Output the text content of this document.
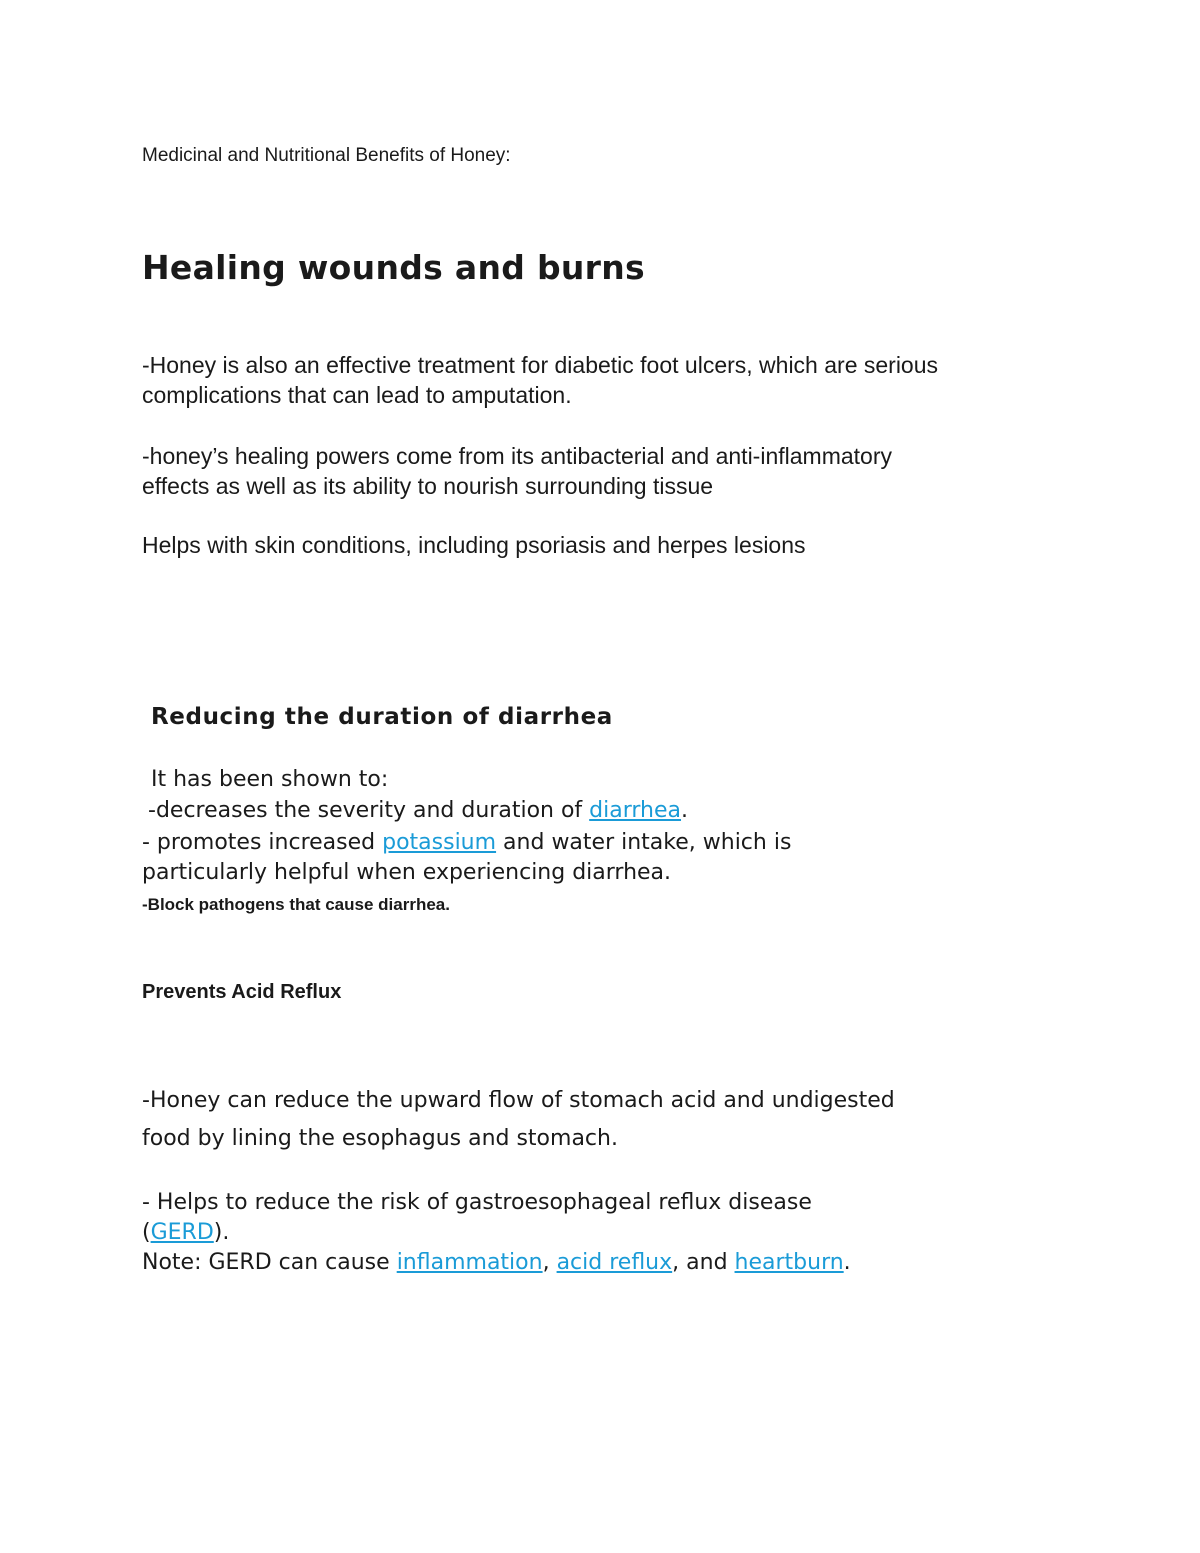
Medicinal and Nutritional Benefits of Honey:
Healing wounds and burns
-Honey is also an effective treatment for diabetic foot ulcers, which are serious
complications that can lead to amputation.
-honey’s healing powers come from its antibacterial and anti-inflammatory
effects as well as its ability to nourish surrounding tissue
Helps with skin conditions, including psoriasis and herpes lesions
Reducing the duration of diarrhea
It has been shown to:
-decreases the severity and duration of diarrhea.
- promotes increased potassium and water intake, which is
particularly helpful when experiencing diarrhea.
-Block pathogens that cause diarrhea.
Prevents Acid Reflux
-Honey can reduce the upward flow of stomach acid and undigested
food by lining the esophagus and stomach.
- Helps to reduce the risk of gastroesophageal reflux disease
(GERD).
Note: GERD can cause inflammation, acid reflux, and heartburn.
